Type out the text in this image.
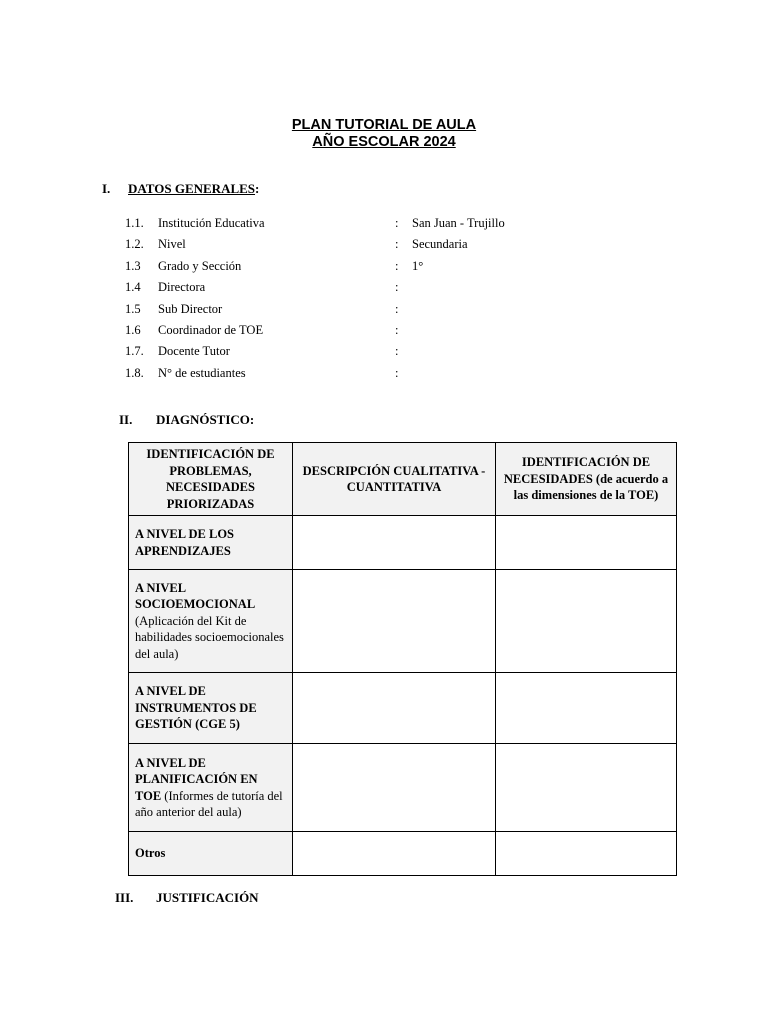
PLAN TUTORIAL DE AULA
AÑO ESCOLAR 2024
I. DATOS GENERALES:
1.1. Institución Educativa	: San Juan - Trujillo
1.2. Nivel	: Secundaria
1.3 Grado y Sección	: 1°
1.4 Directora	:
1.5 Sub Director	:
1.6 Coordinador de TOE	:
1.7. Docente Tutor	:
1.8. N° de estudiantes	:
II. DIAGNÓSTICO:
IDENTIFICACIÓN DE PROBLEMAS, NECESIDADES PRIORIZADAS	DESCRIPCIÓN CUALITATIVA - CUANTITATIVA	IDENTIFICACIÓN DE NECESIDADES (de acuerdo a las dimensiones de la TOE)
A NIVEL DE LOS APRENDIZAJES		
A NIVEL SOCIOEMOCIONAL (Aplicación del Kit de habilidades socioemocionales del aula)		
A NIVEL DE INSTRUMENTOS DE GESTIÓN (CGE 5)		
A NIVEL DE PLANIFICACIÓN EN TOE (Informes de tutoría del año anterior del aula)		
Otros		
III. JUSTIFICACIÓN
